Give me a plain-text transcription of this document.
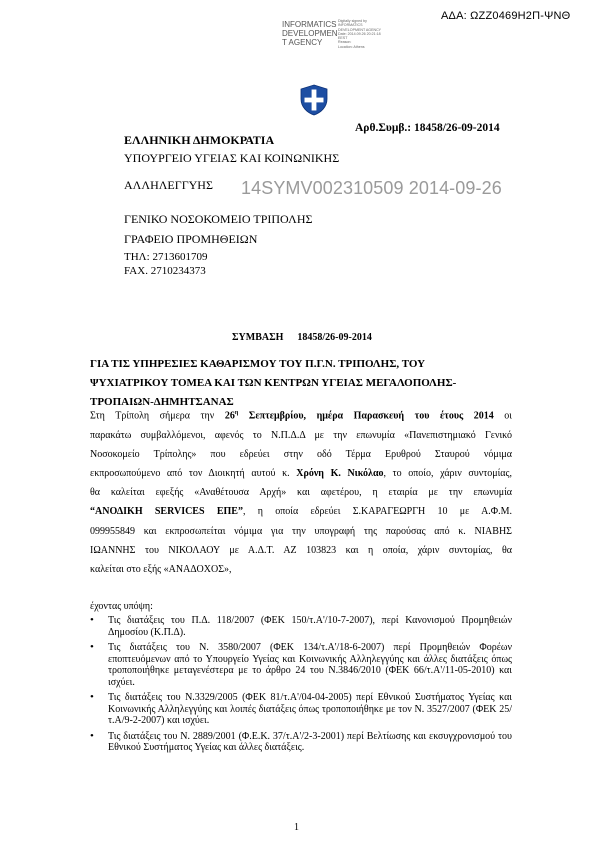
ΑΔΑ: ΩΖΖ0469Η2Π-ΨΝΘ
INFORMATICS DEVELOPMEN T AGENCY
Digitally signed by
INFORMATICS
DEVELOPMENT AGENCY
Date: 2014.09.26 20:21:18
EEST
Reason:
Location: Athens
Αρθ.Συμβ.: 18458/26-09-2014
ΕΛΛΗΝΙΚΗ ΔΗΜΟΚΡΑΤΙΑ
ΥΠΟΥΡΓΕΙΟ ΥΓΕΙΑΣ ΚΑΙ ΚΟΙΝΩΝΙΚΗΣ
ΑΛΛΗΛΕΓΓΥΗΣ 14SYMV002310509 2014-09-26
ΓΕΝΙΚΟ ΝΟΣΟΚΟΜΕΙΟ ΤΡΙΠΟΛΗΣ
ΓΡΑΦΕΙΟ ΠΡΟΜΗΘΕΙΩΝ
ΤΗΛ: 2713601709
FAX. 2710234373
ΣΥΜΒΑΣΗ 18458/26-09-2014
ΓΙΑ ΤΙΣ ΥΠΗΡΕΣΙΕΣ ΚΑΘΑΡΙΣΜΟΥ ΤΟΥ Π.Γ.Ν. ΤΡΙΠΟΛΗΣ, ΤΟΥ
ΨΥΧΙΑΤΡΙΚΟΥ ΤΟΜΕΑ ΚΑΙ ΤΩΝ ΚΕΝΤΡΩΝ ΥΓΕΙΑΣ ΜΕΓΑΛΟΠΟΛΗΣ-
ΤΡΟΠΑΙΩΝ-ΔΗΜΗΤΣΑΝΑΣ
Στη Τρίπολη σήμερα την $26^\eta$ Σεπτεμβρίου, ημέρα Παρασκευή του έτους 2014 οι
παρακάτω συμβαλλόμενοι, αφενός το Ν.Π.Δ.Δ με την επωνυμία «Πανεπιστημιακό Γενικό
Νοσοκομείο Τρίπολης» που εδρεύει στην οδό Τέρμα Ερυθρού Σταυρού νόμιμα
εκπροσωπούμενο από τον Διοικητή αυτού κ. Χρόνη Κ. Νικόλαο, το οποίο, χάριν συντομίας,
θα καλείται εφεξής «Αναθέτουσα Αρχή» και αφετέρου, η εταιρία με την επωνυμία
“ΑΝΟΔΙΚΗ SERVICES ΕΠΕ”, η οποία εδρεύει Σ.ΚΑΡΑΓΕΩΡΓΗ 10 με Α.Φ.Μ.
099955849 και εκπροσωπείται νόμιμα για την υπογραφή της παρούσας από κ. ΝΙΑΒΗΣ
ΙΩΑΝΝΗΣ του ΝΙΚΟΛΑΟΥ με Α.Δ.Τ. ΑΖ 103823 και η οποία, χάριν συντομίας, θα
καλείται στο εξής «ΑΝΑΔΟΧΟΣ»,
έχοντας υπόψη:
• Τις διατάξεις του Π.Δ. 118/2007 (ΦΕΚ 150/τ.Α'/10-7-2007), περί Κανονισμού Προμηθειών Δημοσίου (Κ.Π.Δ).
• Τις διατάξεις του Ν. 3580/2007 (ΦΕΚ 134/τ.Α'/18-6-2007) περί Προμηθειών Φορέων εποπτευόμενων από το Υπουργείο Υγείας και Κοινωνικής Αλληλεγγύης και άλλες διατάξεις όπως τροποποιήθηκε μεταγενέστερα με το άρθρο 24 του Ν.3846/2010 (ΦΕΚ 66/τ.Α'/11-05-2010) και ισχύει.
• Τις διατάξεις του Ν.3329/2005 (ΦΕΚ 81/τ.Α'/04-04-2005) περί Εθνικού Συστήματος Υγείας και Κοινωνικής Αλληλεγγύης και λοιπές διατάξεις όπως τροποποιήθηκε με τον Ν. 3527/2007 (ΦΕΚ 25/τ.Α/9-2-2007) και ισχύει.
• Τις διατάξεις του Ν. 2889/2001 (Φ.Ε.Κ. 37/τ.Α'/2-3-2001) περί Βελτίωσης και εκσυγχρονισμού του Εθνικού Συστήματος Υγείας και άλλες διατάξεις.
1
